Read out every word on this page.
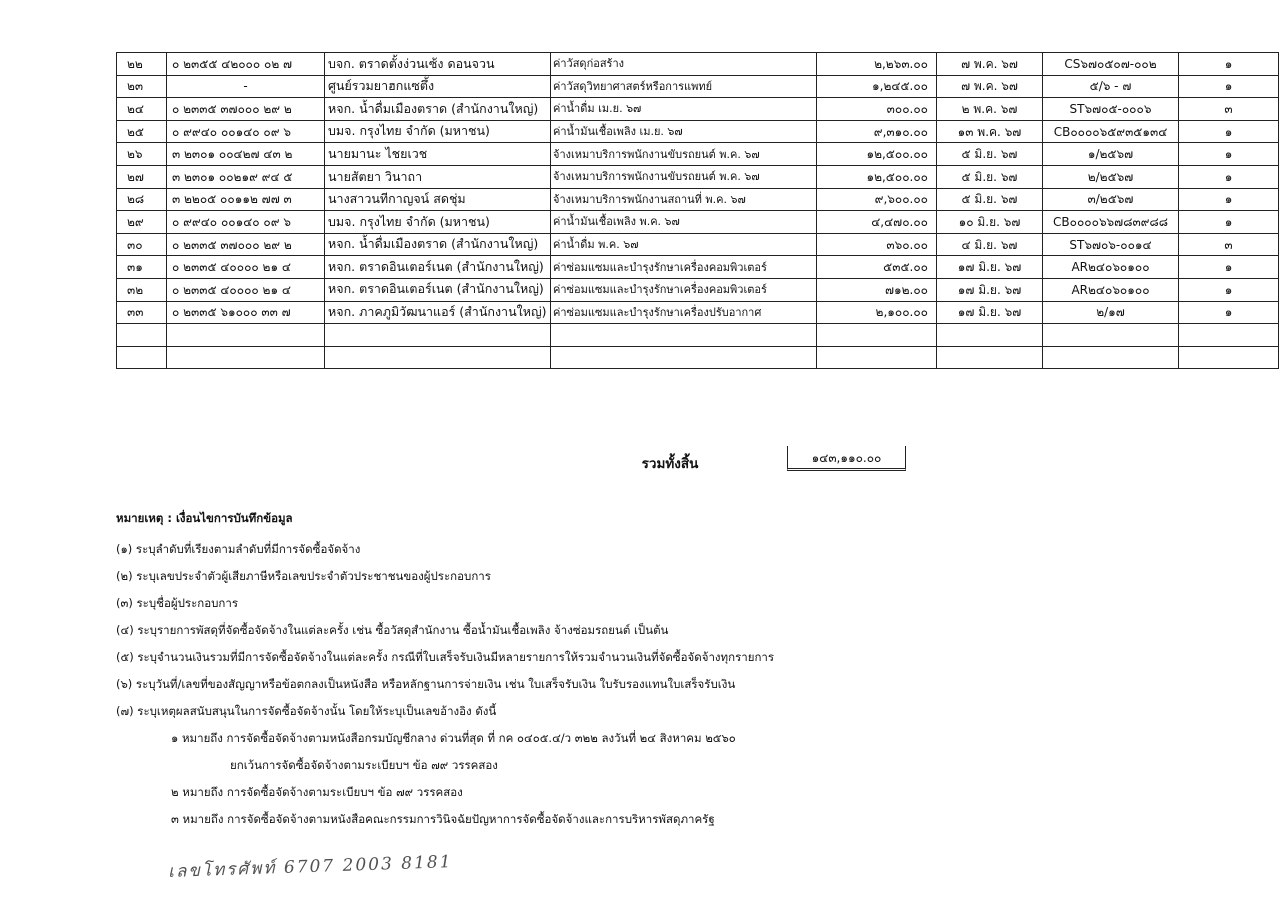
๒๒	๐ ๒๓๕๕ ๔๒๐๐๐ ๐๒ ๗	บจก. ตราดตั้งง่วนเซ้ง ดอนจวน	ค่าวัสดุก่อสร้าง	๒,๒๖๓.๐๐	๗ พ.ค. ๖๗	CS๖๗๐๕๐๗-๐๐๒	๑
๒๓	-	ศูนย์รวมยาฮกแซตึ้ง	ค่าวัสดุวิทยาศาสตร์หรือการแพทย์	๑,๒๔๕.๐๐	๗ พ.ค. ๖๗	๕/๖ - ๗	๑
๒๔	๐ ๒๓๓๕ ๓๗๐๐๐ ๒๙ ๒	หจก. น้ำดื่มเมืองตราด (สำนักงานใหญ่)	ค่าน้ำดื่ม เม.ย. ๖๗	๓๐๐.๐๐	๒ พ.ค. ๖๗	ST๖๗๐๕-๐๐๐๖	๓
๒๕	๐ ๙๙๔๐ ๐๐๑๔๐ ๐๙ ๖	บมจ. กรุงไทย จำกัด (มหาชน)	ค่าน้ำมันเชื้อเพลิง เม.ย. ๖๗	๙,๓๑๐.๐๐	๑๓ พ.ค. ๖๗	CB๐๐๐๐๖๕๙๓๕๑๓๔	๑
๒๖	๓ ๒๓๐๑ ๐๐๔๒๗ ๔๓ ๒	นายมานะ ไชยเวช	จ้างเหมาบริการพนักงานขับรถยนต์ พ.ค. ๖๗	๑๒,๕๐๐.๐๐	๕ มิ.ย. ๖๗	๑/๒๕๖๗	๑
๒๗	๓ ๒๓๐๑ ๐๐๒๑๙ ๙๔ ๕	นายสัตยา วินาถา	จ้างเหมาบริการพนักงานขับรถยนต์ พ.ค. ๖๗	๑๒,๕๐๐.๐๐	๕ มิ.ย. ๖๗	๒/๒๕๖๗	๑
๒๘	๓ ๒๒๐๕ ๐๐๑๑๒ ๗๗ ๓	นางสาวนทีกาญจน์ สดชุ่ม	จ้างเหมาบริการพนักงานสถานที่ พ.ค. ๖๗	๙,๖๐๐.๐๐	๕ มิ.ย. ๖๗	๓/๒๕๖๗	๑
๒๙	๐ ๙๙๔๐ ๐๐๑๔๐ ๐๙ ๖	บมจ. กรุงไทย จำกัด (มหาชน)	ค่าน้ำมันเชื้อเพลิง พ.ค. ๖๗	๔,๔๗๐.๐๐	๑๐ มิ.ย. ๖๗	CB๐๐๐๐๖๖๗๘๓๙๘๘	๑
๓๐	๐ ๒๓๓๕ ๓๗๐๐๐ ๒๙ ๒	หจก. น้ำดื่มเมืองตราด (สำนักงานใหญ่)	ค่าน้ำดื่ม พ.ค. ๖๗	๓๖๐.๐๐	๔ มิ.ย. ๖๗	ST๖๗๐๖-๐๐๑๔	๓
๓๑	๐ ๒๓๓๕ ๔๐๐๐๐ ๒๑ ๔	หจก. ตราดอินเตอร์เนต (สำนักงานใหญ่)	ค่าซ่อมแซมและบำรุงรักษาเครื่องคอมพิวเตอร์	๕๓๕.๐๐	๑๗ มิ.ย. ๖๗	AR๒๔๐๖๐๑๐๐	๑
๓๒	๐ ๒๓๓๕ ๔๐๐๐๐ ๒๑ ๔	หจก. ตราดอินเตอร์เนต (สำนักงานใหญ่)	ค่าซ่อมแซมและบำรุงรักษาเครื่องคอมพิวเตอร์	๗๑๒.๐๐	๑๗ มิ.ย. ๖๗	AR๒๔๐๖๐๑๐๐	๑
๓๓	๐ ๒๓๓๕ ๖๑๐๐๐ ๓๓ ๗	หจก. ภาคภูมิวัฒนาแอร์ (สำนักงานใหญ่)	ค่าซ่อมแซมและบำรุงรักษาเครื่องปรับอากาศ	๒,๑๐๐.๐๐	๑๗ มิ.ย. ๖๗	๒/๑๗	๑

รวมทั้งสิ้น	๑๔๓,๑๑๐.๐๐
หมายเหตุ : เงื่อนไขการบันทึกข้อมูล
(๑) ระบุลำดับที่เรียงตามลำดับที่มีการจัดซื้อจัดจ้าง
(๒) ระบุเลขประจำตัวผู้เสียภาษีหรือเลขประจำตัวประชาชนของผู้ประกอบการ
(๓) ระบุชื่อผู้ประกอบการ
(๔) ระบุรายการพัสดุที่จัดซื้อจัดจ้างในแต่ละครั้ง เช่น ซื้อวัสดุสำนักงาน ซื้อน้ำมันเชื้อเพลิง จ้างซ่อมรถยนต์ เป็นต้น
(๕) ระบุจำนวนเงินรวมที่มีการจัดซื้อจัดจ้างในแต่ละครั้ง กรณีที่ใบเสร็จรับเงินมีหลายรายการให้รวมจำนวนเงินที่จัดซื้อจัดจ้างทุกรายการ
(๖) ระบุวันที่/เลขที่ของสัญญาหรือข้อตกลงเป็นหนังสือ หรือหลักฐานการจ่ายเงิน เช่น ใบเสร็จรับเงิน ใบรับรองแทนใบเสร็จรับเงิน
(๗) ระบุเหตุผลสนับสนุนในการจัดซื้อจัดจ้างนั้น โดยให้ระบุเป็นเลขอ้างอิง ดังนี้
๑ หมายถึง การจัดซื้อจัดจ้างตามหนังสือกรมบัญชีกลาง ด่วนที่สุด ที่ กค ๐๔๐๕.๔/ว ๓๒๒ ลงวันที่ ๒๔ สิงหาคม ๒๕๖๐
ยกเว้นการจัดซื้อจัดจ้างตามระเบียบฯ ข้อ ๗๙ วรรคสอง
๒ หมายถึง การจัดซื้อจัดจ้างตามระเบียบฯ ข้อ ๗๙ วรรคสอง
๓ หมายถึง การจัดซื้อจัดจ้างตามหนังสือคณะกรรมการวินิจฉัยปัญหาการจัดซื้อจัดจ้างและการบริหารพัสดุภาครัฐ
เลขโทรศัพท์ 6707 2003 8181
